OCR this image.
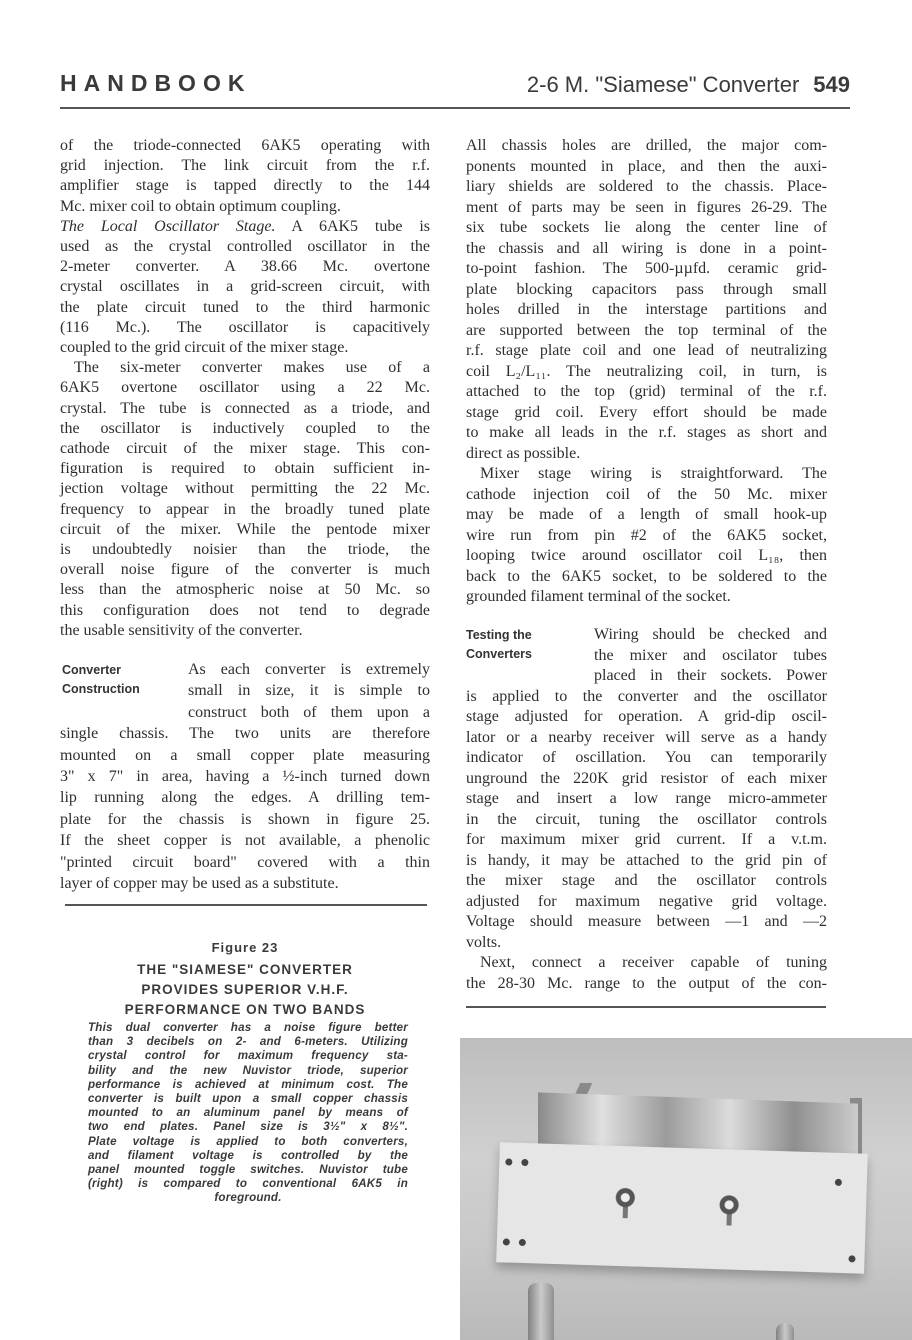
HANDBOOK	2-6 M. "Siamese" Converter 549
of the triode-connected 6AK5 operating with
grid injection. The link circuit from the r.f.
amplifier stage is tapped directly to the 144
Mc. mixer coil to obtain optimum coupling.
The Local Oscillator Stage. A 6AK5 tube is
used as the crystal controlled oscillator in the
2-meter converter. A 38.66 Mc. overtone
crystal oscillates in a grid-screen circuit, with
the plate circuit tuned to the third harmonic
(116 Mc.). The oscillator is capacitively
coupled to the grid circuit of the mixer stage.
The six-meter converter makes use of a
6AK5 overtone oscillator using a 22 Mc.
crystal. The tube is connected as a triode, and
the oscillator is inductively coupled to the
cathode circuit of the mixer stage. This con-
figuration is required to obtain sufficient in-
jection voltage without permitting the 22 Mc.
frequency to appear in the broadly tuned plate
circuit of the mixer. While the pentode mixer
is undoubtedly noisier than the triode, the
overall noise figure of the converter is much
less than the atmospheric noise at 50 Mc. so
this configuration does not tend to degrade
the usable sensitivity of the converter.
Converter
Construction
As each converter is extremely
small in size, it is simple to
construct both of them upon a
single chassis. The two units are therefore
mounted on a small copper plate measuring
3" x 7" in area, having a ½-inch turned down
lip running along the edges. A drilling tem-
plate for the chassis is shown in figure 25.
If the sheet copper is not available, a phenolic
"printed circuit board" covered with a thin
layer of copper may be used as a substitute.
Figure 23
THE "SIAMESE" CONVERTER
PROVIDES SUPERIOR V.H.F.
PERFORMANCE ON TWO BANDS
This dual converter has a noise figure better
than 3 decibels on 2- and 6-meters. Utilizing
crystal control for maximum frequency sta-
bility and the new Nuvistor triode, superior
performance is achieved at minimum cost. The
converter is built upon a small copper chassis
mounted to an aluminum panel by means of
two end plates. Panel size is 3½" x 8½".
Plate voltage is applied to both converters,
and filament voltage is controlled by the
panel mounted toggle switches. Nuvistor tube
(right) is compared to conventional 6AK5 in
foreground.
All chassis holes are drilled, the major com-
ponents mounted in place, and then the auxi-
liary shields are soldered to the chassis. Place-
ment of parts may be seen in figures 26-29. The
six tube sockets lie along the center line of
the chassis and all wiring is done in a point-
to-point fashion. The 500-µµfd. ceramic grid-
plate blocking capacitors pass through small
holes drilled in the interstage partitions and
are supported between the top terminal of the
r.f. stage plate coil and one lead of neutralizing
coil L₂/L₁₁. The neutralizing coil, in turn, is
attached to the top (grid) terminal of the r.f.
stage grid coil. Every effort should be made
to make all leads in the r.f. stages as short and
direct as possible.
Mixer stage wiring is straightforward. The
cathode injection coil of the 50 Mc. mixer
may be made of a length of small hook-up
wire run from pin #2 of the 6AK5 socket,
looping twice around oscillator coil L₁₈, then
back to the 6AK5 socket, to be soldered to the
grounded filament terminal of the socket.
Testing the
Converters
Wiring should be checked and
the mixer and oscilator tubes
placed in their sockets. Power
is applied to the converter and the oscillator
stage adjusted for operation. A grid-dip oscil-
lator or a nearby receiver will serve as a handy
indicator of oscillation. You can temporarily
unground the 220K grid resistor of each mixer
stage and insert a low range micro-ammeter
in the circuit, tuning the oscillator controls
for maximum mixer grid current. If a v.t.m.
is handy, it may be attached to the grid pin of
the mixer stage and the oscillator controls
adjusted for maximum negative grid voltage.
Voltage should measure between —1 and —2
volts.
Next, connect a receiver capable of tuning
the 28-30 Mc. range to the output of the con-
